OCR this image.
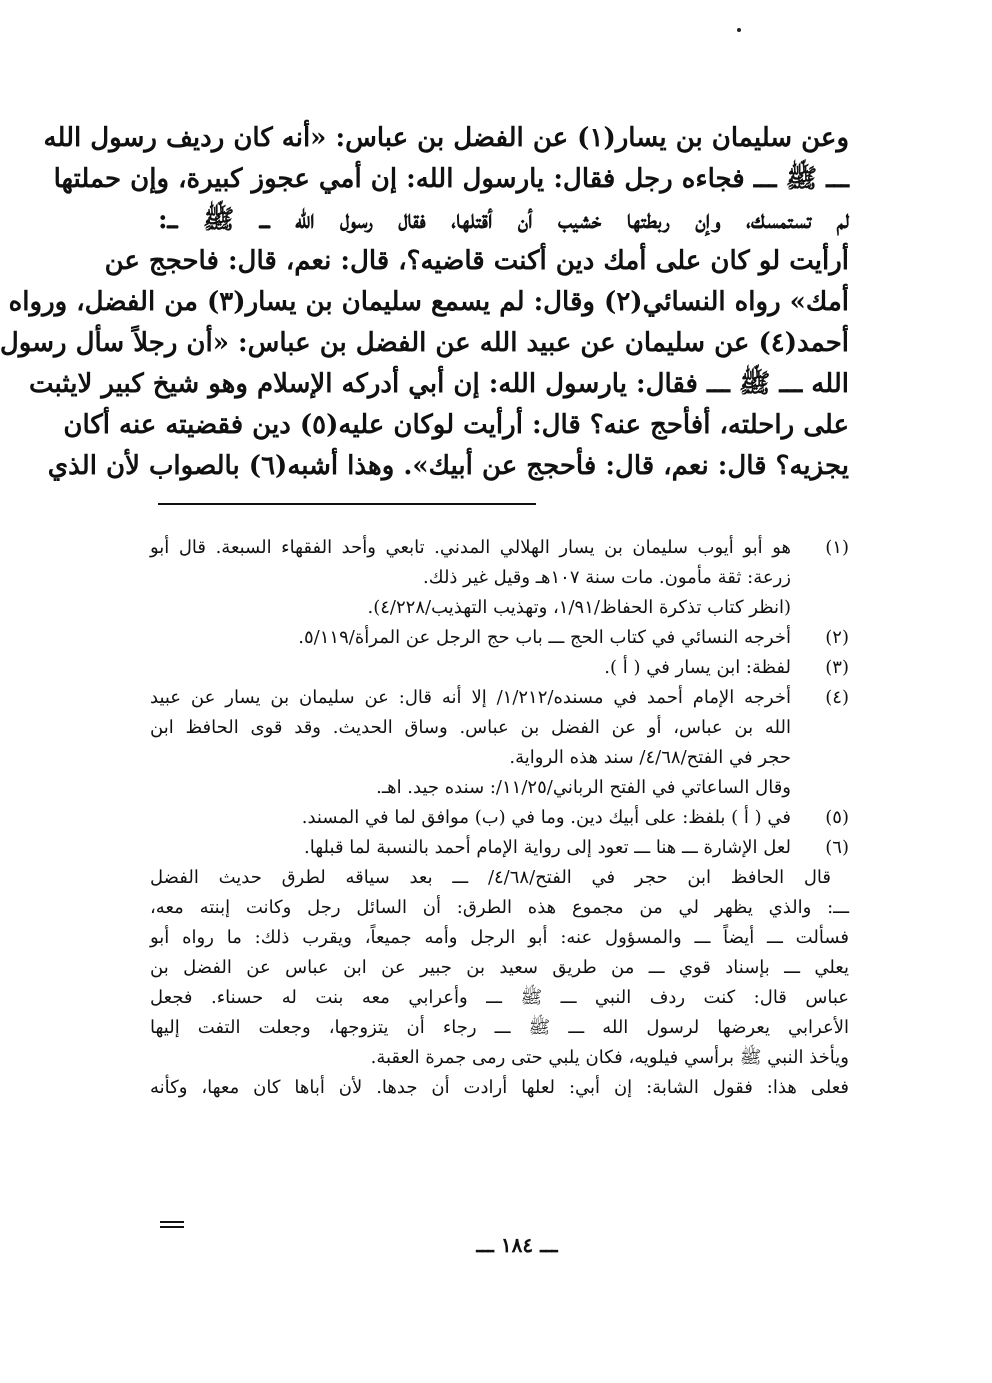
وعن سليمان بن يسار(١) عن الفضل بن عباس: «أنه كان رديف رسول الله
ـــ ﷺ ـــ فجاءه رجل فقال: يارسول الله: إن أمي عجوز كبيرة، وإن حملتها
لم تستمسك، وإن ربطتها خشيب أن أقتلها، فقال رسول الله ـــ ﷺ ـــ:
أرأيت لو كان على أمك دين أكنت قاضيه؟، قال: نعم، قال: فاحجج عن
أمك» رواه النسائي(٢) وقال: لم يسمع سليمان بن يسار(٣) من الفضل، ورواه
أحمد(٤) عن سليمان عن عبيد الله عن الفضل بن عباس: «أن رجلاً سأل رسول
الله ـــ ﷺ ـــ فقال: يارسول الله: إن أبي أدركه الإسلام وهو شيخ كبير لايثبت
على راحلته، أفأحج عنه؟ قال: أرأيت لوكان عليه(٥) دين فقضيته عنه أكان
يجزيه؟ قال: نعم، قال: فأحجج عن أبيك». وهذا أشبه(٦) بالصواب لأن الذي
(١)
هو أبو أيوب سليمان بن يسار الهلالي المدني. تابعي وأحد الفقهاء السبعة. قال أبو
زرعة: ثقة مأمون. مات سنة ١٠٧هـ وقيل غير ذلك.
(انظر كتاب تذكرة الحفاظ/١/٩١، وتهذيب التهذيب/٤/٢٢٨).
(٢)
أخرجه النسائي في كتاب الحج ـــ باب حج الرجل عن المرأة/٥/١١٩.
(٣)
لفظة: ابن يسار في ( أ ).
(٤)
أخرجه الإمام أحمد في مسنده/١/٢١٢/ إلا أنه قال: عن سليمان بن يسار عن عبيد
الله بن عباس، أو عن الفضل بن عباس. وساق الحديث. وقد قوى الحافظ ابن
حجر في الفتح/٤/٦٨/ سند هذه الرواية.
وقال الساعاتي في الفتح الرباني/١١/٢٥/: سنده جيد. اهـ.
(٥)
في ( أ ) بلفظ: على أبيك دين. وما في (ب) موافق لما في المسند.
(٦)
لعل الإشارة ـــ هنا ـــ تعود إلى رواية الإمام أحمد بالنسبة لما قبلها.
قال الحافظ ابن حجر في الفتح/٤/٦٨/ ـــ بعد سياقه لطرق حديث الفضل
ـــ: والذي يظهر لي من مجموع هذه الطرق: أن السائل رجل وكانت إبنته معه،
فسألت ـــ أيضاً ـــ والمسؤول عنه: أبو الرجل وأمه جميعاً، ويقرب ذلك: ما رواه أبو
يعلي ـــ بإسناد قوي ـــ من طريق سعيد بن جبير عن ابن عباس عن الفضل بن
عباس قال: كنت ردف النبي ـــ ﷺ ـــ وأعرابي معه بنت له حسناء. فجعل
الأعرابي يعرضها لرسول الله ـــ ﷺ ـــ رجاء أن يتزوجها، وجعلت التفت إليها
ويأخذ النبي ﷺ برأسي فيلويه، فكان يلبي حتى رمى جمرة العقبة.
فعلى هذا: فقول الشابة: إن أبي: لعلها أرادت أن جدها. لأن أباها كان معها، وكأنه
ـــ ١٨٤ ـــ
